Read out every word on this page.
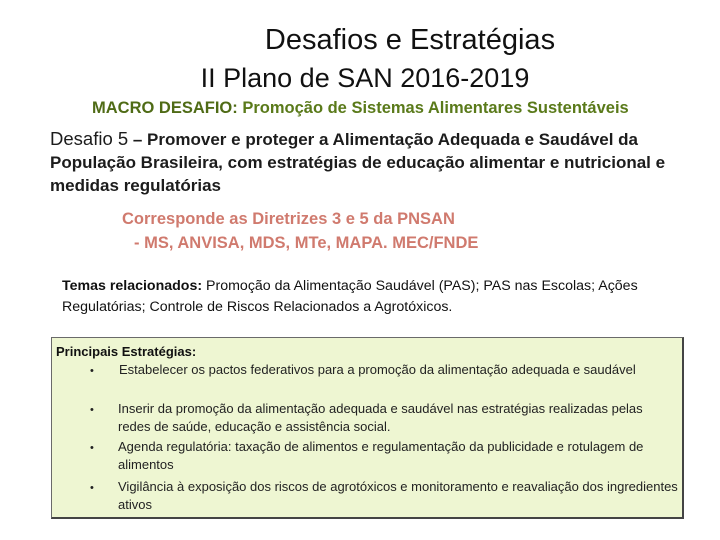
Desafios e Estratégias
II Plano de SAN 2016-2019
MACRO DESAFIO: Promoção de Sistemas Alimentares Sustentáveis
Desafio 5 – Promover e proteger a Alimentação Adequada e Saudável da População Brasileira, com estratégias de educação alimentar e nutricional e medidas regulatórias
Corresponde as Diretrizes 3 e 5 da PNSAN
- MS, ANVISA, MDS, MTe, MAPA. MEC/FNDE
Temas relacionados: Promoção da Alimentação Saudável (PAS); PAS nas Escolas; Ações Regulatórias; Controle de Riscos Relacionados a Agrotóxicos.
Principais Estratégias:
• Estabelecer os pactos federativos para a promoção da alimentação adequada e saudável
• Inserir da promoção da alimentação adequada e saudável nas estratégias realizadas pelas redes de saúde, educação e assistência social.
• Agenda regulatória: taxação de alimentos e regulamentação da publicidade e rotulagem de alimentos
• Vigilância à exposição dos riscos de agrotóxicos e monitoramento e reavaliação dos ingredientes ativos
